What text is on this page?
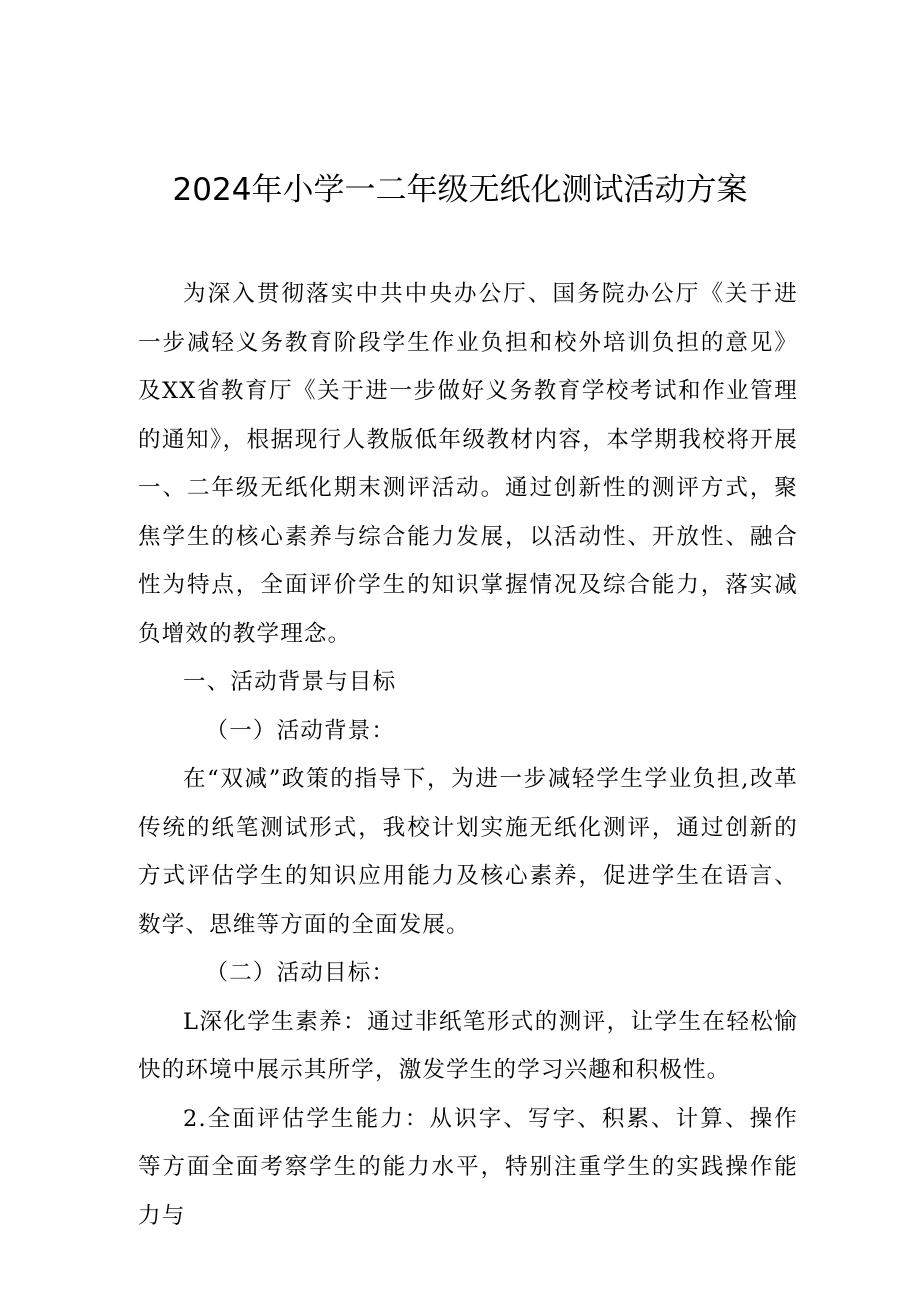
2024年小学一二年级无纸化测试活动方案

为深入贯彻落实中共中央办公厅、国务院办公厅《关于进一步减轻义务教育阶段学生作业负担和校外培训负担的意见》及XX省教育厅《关于进一步做好义务教育学校考试和作业管理的通知》，根据现行人教版低年级教材内容，本学期我校将开展一、二年级无纸化期末测评活动。通过创新性的测评方式，聚焦学生的核心素养与综合能力发展，以活动性、开放性、融合性为特点，全面评价学生的知识掌握情况及综合能力，落实减负增效的教学理念。

一、活动背景与目标

（一）活动背景：

在“双减”政策的指导下，为进一步减轻学生学业负担,改革传统的纸笔测试形式，我校计划实施无纸化测评，通过创新的方式评估学生的知识应用能力及核心素养，促进学生在语言、数学、思维等方面的全面发展。

（二）活动目标：

L深化学生素养：通过非纸笔形式的测评，让学生在轻松愉快的环境中展示其所学，激发学生的学习兴趣和积极性。

2.全面评估学生能力：从识字、写字、积累、计算、操作等方面全面考察学生的能力水平，特别注重学生的实践操作能力与
